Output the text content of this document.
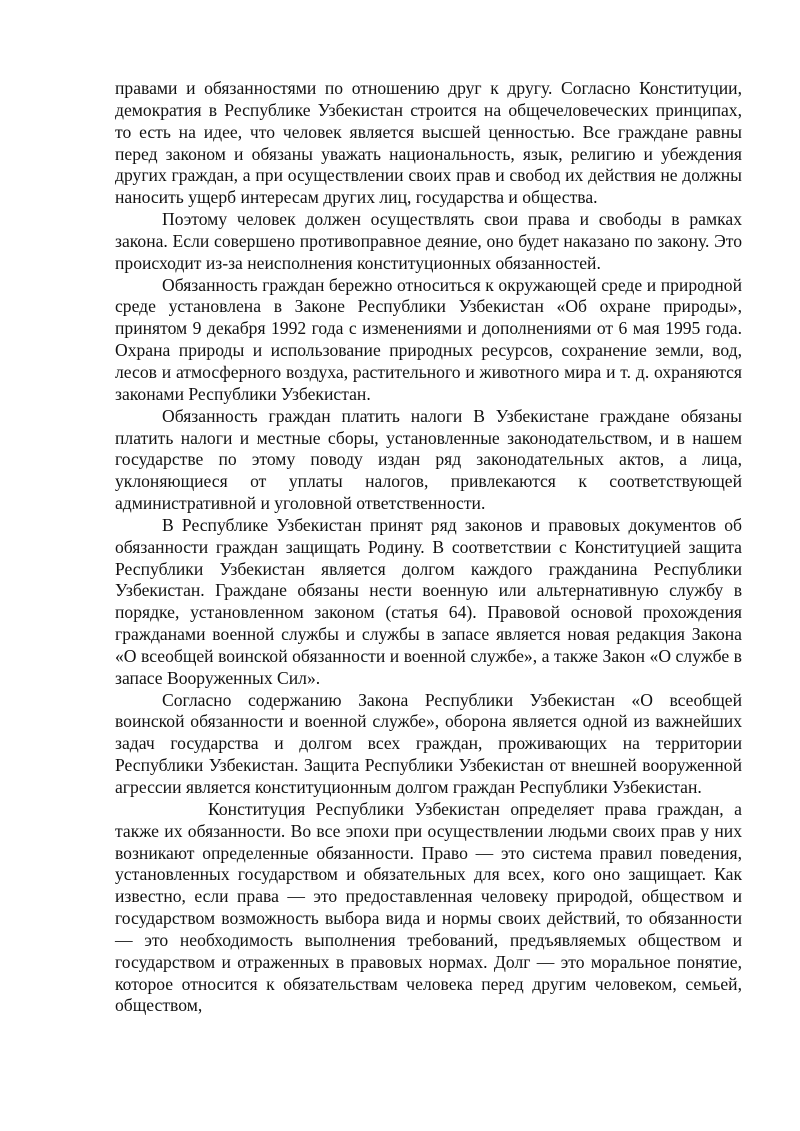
правами и обязанностями по отношению друг к другу. Согласно Конституции, демократия в Республике Узбекистан строится на общечеловеческих принципах, то есть на идее, что человек является высшей ценностью. Все граждане равны перед законом и обязаны уважать национальность, язык, религию и убеждения других граждан, а при осуществлении своих прав и свобод их действия не должны наносить ущерб интересам других лиц, государства и общества.

Поэтому человек должен осуществлять свои права и свободы в рамках закона. Если совершено противоправное деяние, оно будет наказано по закону. Это происходит из-за неисполнения конституционных обязанностей.

Обязанность граждан бережно относиться к окружающей среде и природной среде установлена в Законе Республики Узбекистан «Об охране природы», принятом 9 декабря 1992 года с изменениями и дополнениями от 6 мая 1995 года. Охрана природы и использование природных ресурсов, сохранение земли, вод, лесов и атмосферного воздуха, растительного и животного мира и т. д. охраняются законами Республики Узбекистан.

Обязанность граждан платить налоги В Узбекистане граждане обязаны платить налоги и местные сборы, установленные законодательством, и в нашем государстве по этому поводу издан ряд законодательных актов, а лица, уклоняющиеся от уплаты налогов, привлекаются к соответствующей административной и уголовной ответственности.

В Республике Узбекистан принят ряд законов и правовых документов об обязанности граждан защищать Родину. В соответствии с Конституцией защита Республики Узбекистан является долгом каждого гражданина Республики Узбекистан. Граждане обязаны нести военную или альтернативную службу в порядке, установленном законом (статья 64). Правовой основой прохождения гражданами военной службы и службы в запасе является новая редакция Закона «О всеобщей воинской обязанности и военной службе», а также Закон «О службе в запасе Вооруженных Сил».

Согласно содержанию Закона Республики Узбекистан «О всеобщей воинской обязанности и военной службе», оборона является одной из важнейших задач государства и долгом всех граждан, проживающих на территории Республики Узбекистан. Защита Республики Узбекистан от внешней вооруженной агрессии является конституционным долгом граждан Республики Узбекистан.

Конституция Республики Узбекистан определяет права граждан, а также их обязанности. Во все эпохи при осуществлении людьми своих прав у них возникают определенные обязанности. Право — это система правил поведения, установленных государством и обязательных для всех, кого оно защищает. Как известно, если права — это предоставленная человеку природой, обществом и государством возможность выбора вида и нормы своих действий, то обязанности — это необходимость выполнения требований, предъявляемых обществом и государством и отраженных в правовых нормах. Долг — это моральное понятие, которое относится к обязательствам человека перед другим человеком, семьей, обществом,
